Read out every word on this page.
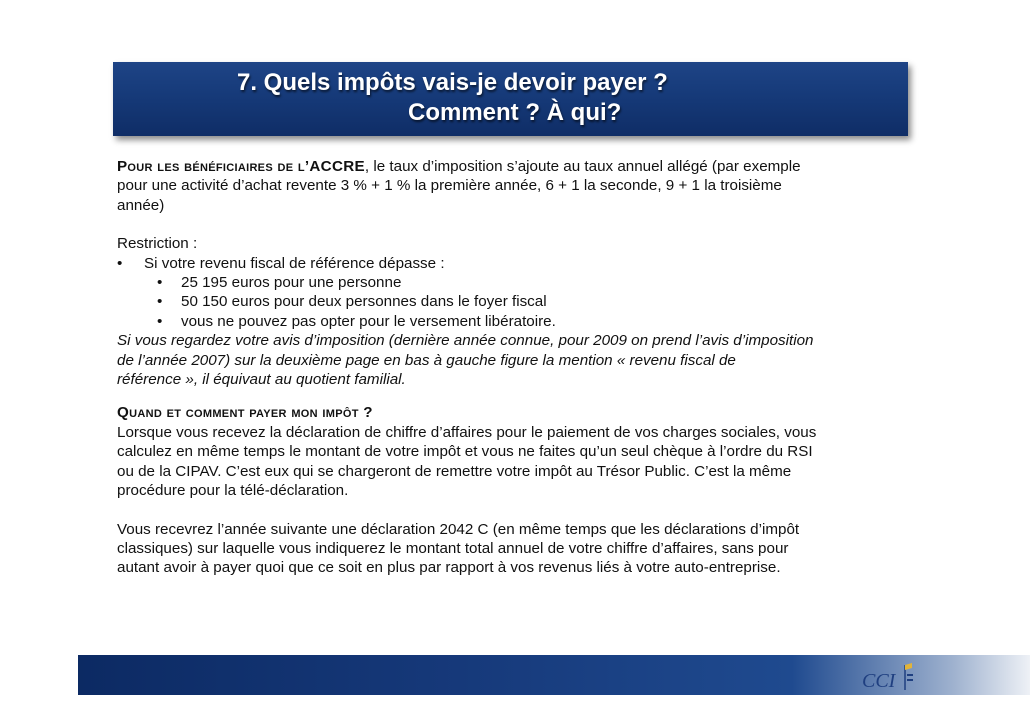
7. Quels impôts vais-je devoir payer ?
Comment ? À qui?

Pour les bénéficiaires de l’ACCRE, le taux d’imposition s’ajoute au taux annuel allégé (par exemple
pour une activité d’achat revente 3 % + 1 % la première année, 6 + 1 la seconde, 9 + 1 la troisième
année)

Restriction :

•	Si votre revenu fiscal de référence dépasse :
•	25 195 euros pour une personne
•	50 150 euros pour deux personnes dans le foyer fiscal
•	vous ne pouvez pas opter pour le versement libératoire.

Si vous regardez votre avis d’imposition (dernière année connue, pour 2009 on prend l’avis d’imposition
de l’année 2007) sur la deuxième page en bas à gauche figure la mention « revenu fiscal de
référence », il équivaut au quotient familial.

Quand et comment payer mon impôt ?

Lorsque vous recevez la déclaration de chiffre d’affaires pour le paiement de vos charges sociales, vous
calculez en même temps le montant de votre impôt et vous ne faites qu’un seul chèque à l’ordre du RSI
ou de la CIPAV. C’est eux qui se chargeront de remettre votre impôt au Trésor Public. C’est la même
procédure pour la télé-déclaration.

Vous recevrez l’année suivante une déclaration 2042 C (en même temps que les déclarations d’impôt
classiques) sur laquelle vous indiquerez le montant total annuel de votre chiffre d’affaires, sans pour
autant avoir à payer quoi que ce soit en plus par rapport à vos revenus liés à votre auto-entreprise.

CCI
